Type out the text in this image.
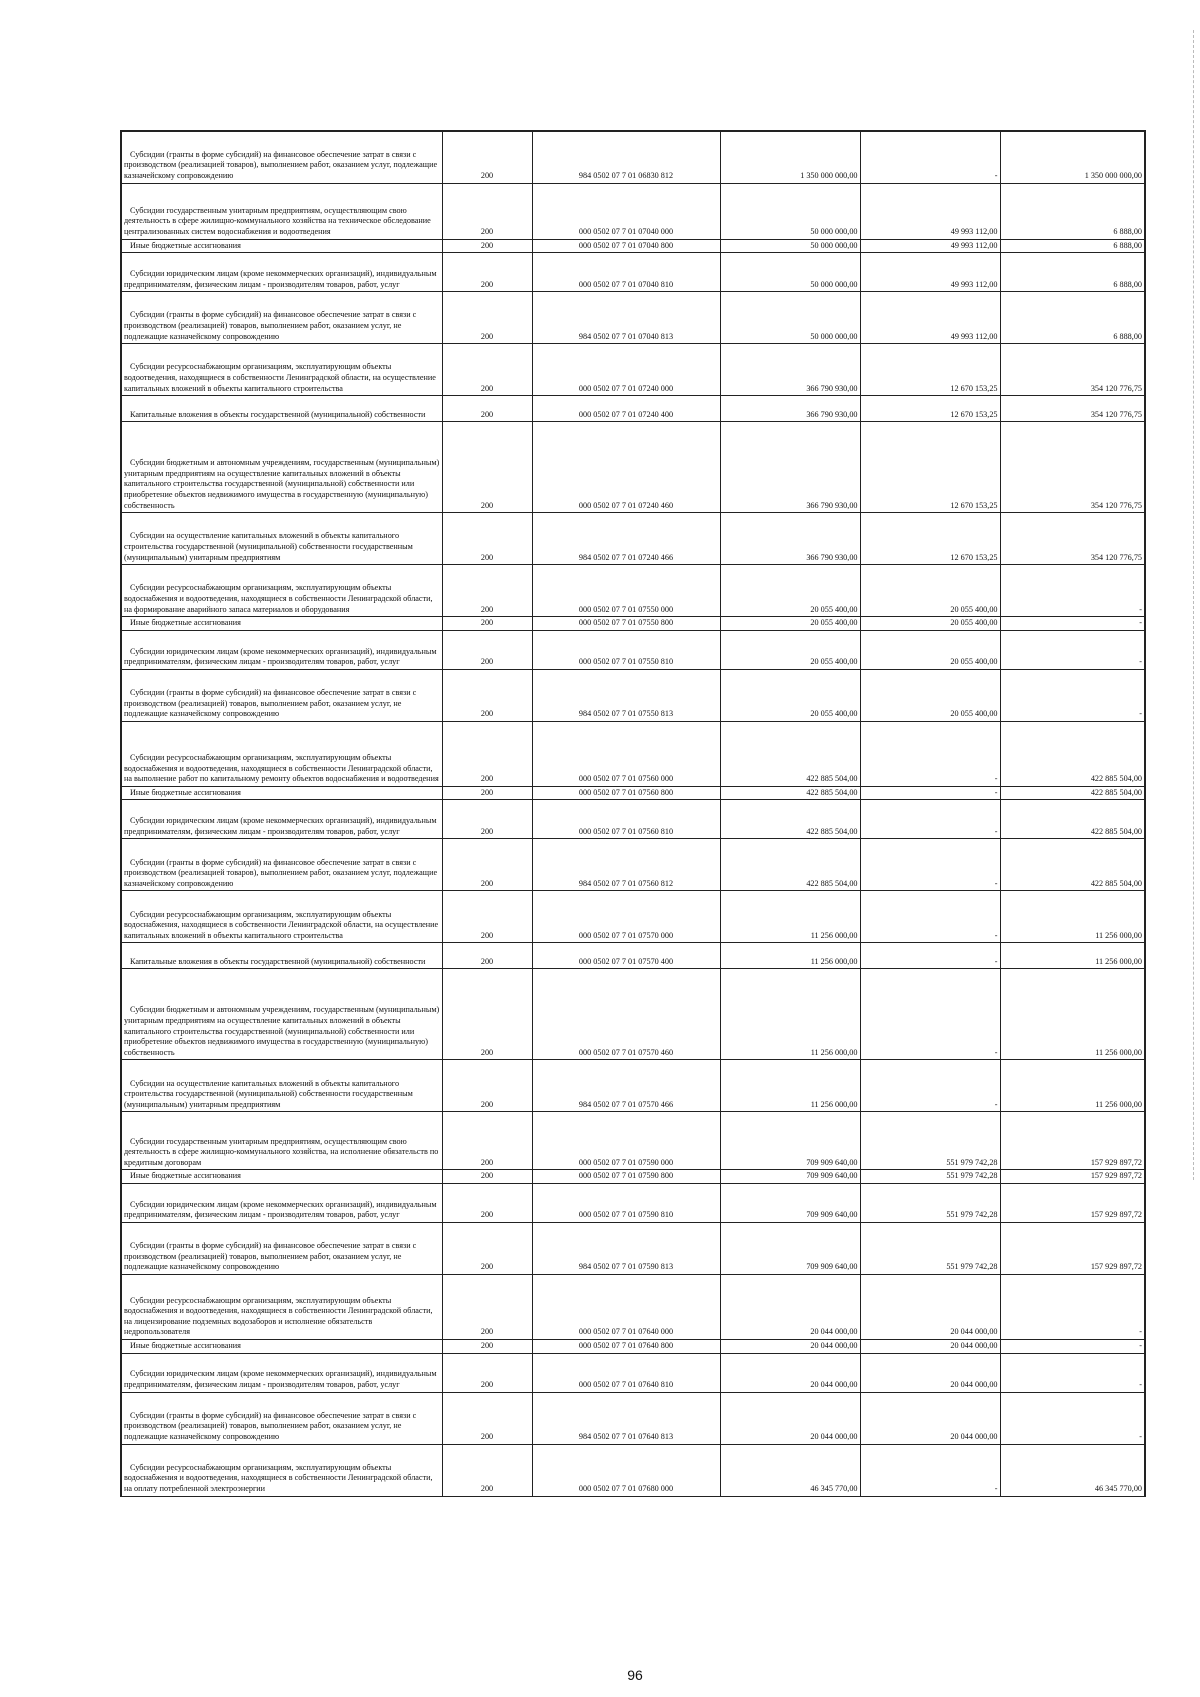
Субсидии (гранты в форме субсидий) на финансовое обеспечение затрат в связи с производством (реализацией товаров), выполнением работ, оказанием услуг, подлежащие казначейскому сопровождению	200	984 0502 07 7 01 06830 812	1 350 000 000,00	-	1 350 000 000,00
Субсидии государственным унитарным предприятиям, осуществляющим свою деятельность в сфере жилищно-коммунального хозяйства на техническое обследование централизованных систем водоснабжения и водоотведения	200	000 0502 07 7 01 07040 000	50 000 000,00	49 993 112,00	6 888,00
Иные бюджетные ассигнования	200	000 0502 07 7 01 07040 800	50 000 000,00	49 993 112,00	6 888,00
Субсидии юридическим лицам (кроме некоммерческих организаций), индивидуальным предпринимателям, физическим лицам - производителям товаров, работ, услуг	200	000 0502 07 7 01 07040 810	50 000 000,00	49 993 112,00	6 888,00
Субсидии (гранты в форме субсидий) на финансовое обеспечение затрат в связи с производством (реализацией) товаров, выполнением работ, оказанием услуг, не подлежащие казначейскому сопровождению	200	984 0502 07 7 01 07040 813	50 000 000,00	49 993 112,00	6 888,00
Субсидии ресурсоснабжающим организациям, эксплуатирующим объекты водоотведения, находящиеся в собственности Ленинградской области, на осуществление капитальных вложений в объекты капитального строительства	200	000 0502 07 7 01 07240 000	366 790 930,00	12 670 153,25	354 120 776,75
Капитальные вложения в объекты государственной (муниципальной) собственности	200	000 0502 07 7 01 07240 400	366 790 930,00	12 670 153,25	354 120 776,75
Субсидии бюджетным и автономным учреждениям, государственным (муниципальным) унитарным предприятиям на осуществление капитальных вложений в объекты капитального строительства государственной (муниципальной) собственности или приобретение объектов недвижимого имущества в государственную (муниципальную) собственность	200	000 0502 07 7 01 07240 460	366 790 930,00	12 670 153,25	354 120 776,75
Субсидии на осуществление капитальных вложений в объекты капитального строительства государственной (муниципальной) собственности государственным (муниципальным) унитарным предприятиям	200	984 0502 07 7 01 07240 466	366 790 930,00	12 670 153,25	354 120 776,75
Субсидии ресурсоснабжающим организациям, эксплуатирующим объекты водоснабжения и водоотведения, находящиеся в собственности Ленинградской области, на формирование аварийного запаса материалов и оборудования	200	000 0502 07 7 01 07550 000	20 055 400,00	20 055 400,00	-
Иные бюджетные ассигнования	200	000 0502 07 7 01 07550 800	20 055 400,00	20 055 400,00	-
Субсидии юридическим лицам (кроме некоммерческих организаций), индивидуальным предпринимателям, физическим лицам - производителям товаров, работ, услуг	200	000 0502 07 7 01 07550 810	20 055 400,00	20 055 400,00	-
Субсидии (гранты в форме субсидий) на финансовое обеспечение затрат в связи с производством (реализацией) товаров, выполнением работ, оказанием услуг, не подлежащие казначейскому сопровождению	200	984 0502 07 7 01 07550 813	20 055 400,00	20 055 400,00	-
Субсидии ресурсоснабжающим организациям, эксплуатирующим объекты водоснабжения и водоотведения, находящиеся в собственности Ленинградской области, на выполнение работ по капитальному ремонту объектов водоснабжения и водоотведения	200	000 0502 07 7 01 07560 000	422 885 504,00	-	422 885 504,00
Иные бюджетные ассигнования	200	000 0502 07 7 01 07560 800	422 885 504,00	-	422 885 504,00
Субсидии юридическим лицам (кроме некоммерческих организаций), индивидуальным предпринимателям, физическим лицам - производителям товаров, работ, услуг	200	000 0502 07 7 01 07560 810	422 885 504,00	-	422 885 504,00
Субсидии (гранты в форме субсидий) на финансовое обеспечение затрат в связи с производством (реализацией товаров), выполнением работ, оказанием услуг, подлежащие казначейскому сопровождению	200	984 0502 07 7 01 07560 812	422 885 504,00	-	422 885 504,00
Субсидии ресурсоснабжающим организациям, эксплуатирующим объекты водоснабжения, находящиеся в собственности Ленинградской области, на осуществление капитальных вложений в объекты капитального строительства	200	000 0502 07 7 01 07570 000	11 256 000,00	-	11 256 000,00
Капитальные вложения в объекты государственной (муниципальной) собственности	200	000 0502 07 7 01 07570 400	11 256 000,00	-	11 256 000,00
Субсидии бюджетным и автономным учреждениям, государственным (муниципальным) унитарным предприятиям на осуществление капитальных вложений в объекты капитального строительства государственной (муниципальной) собственности или приобретение объектов недвижимого имущества в государственную (муниципальную) собственность	200	000 0502 07 7 01 07570 460	11 256 000,00	-	11 256 000,00
Субсидии на осуществление капитальных вложений в объекты капитального строительства государственной (муниципальной) собственности государственным (муниципальным) унитарным предприятиям	200	984 0502 07 7 01 07570 466	11 256 000,00	-	11 256 000,00
Субсидии государственным унитарным предприятиям, осуществляющим свою деятельность в сфере жилищно-коммунального хозяйства, на исполнение обязательств по кредитным договорам	200	000 0502 07 7 01 07590 000	709 909 640,00	551 979 742,28	157 929 897,72
Иные бюджетные ассигнования	200	000 0502 07 7 01 07590 800	709 909 640,00	551 979 742,28	157 929 897,72
Субсидии юридическим лицам (кроме некоммерческих организаций), индивидуальным предпринимателям, физическим лицам - производителям товаров, работ, услуг	200	000 0502 07 7 01 07590 810	709 909 640,00	551 979 742,28	157 929 897,72
Субсидии (гранты в форме субсидий) на финансовое обеспечение затрат в связи с производством (реализацией) товаров, выполнением работ, оказанием услуг, не подлежащие казначейскому сопровождению	200	984 0502 07 7 01 07590 813	709 909 640,00	551 979 742,28	157 929 897,72
Субсидии ресурсоснабжающим организациям, эксплуатирующим объекты водоснабжения и водоотведения, находящиеся в собственности Ленинградской области, на лицензирование подземных водозаборов и исполнение обязательств недропользователя	200	000 0502 07 7 01 07640 000	20 044 000,00	20 044 000,00	-
Иные бюджетные ассигнования	200	000 0502 07 7 01 07640 800	20 044 000,00	20 044 000,00	-
Субсидии юридическим лицам (кроме некоммерческих организаций), индивидуальным предпринимателям, физическим лицам - производителям товаров, работ, услуг	200	000 0502 07 7 01 07640 810	20 044 000,00	20 044 000,00	-
Субсидии (гранты в форме субсидий) на финансовое обеспечение затрат в связи с производством (реализацией) товаров, выполнением работ, оказанием услуг, не подлежащие казначейскому сопровождению	200	984 0502 07 7 01 07640 813	20 044 000,00	20 044 000,00	-
Субсидии ресурсоснабжающим организациям, эксплуатирующим объекты водоснабжения и водоотведения, находящиеся в собственности Ленинградской области, на оплату потребленной электроэнергии	200	000 0502 07 7 01 07680 000	46 345 770,00	-	46 345 770,00
96
